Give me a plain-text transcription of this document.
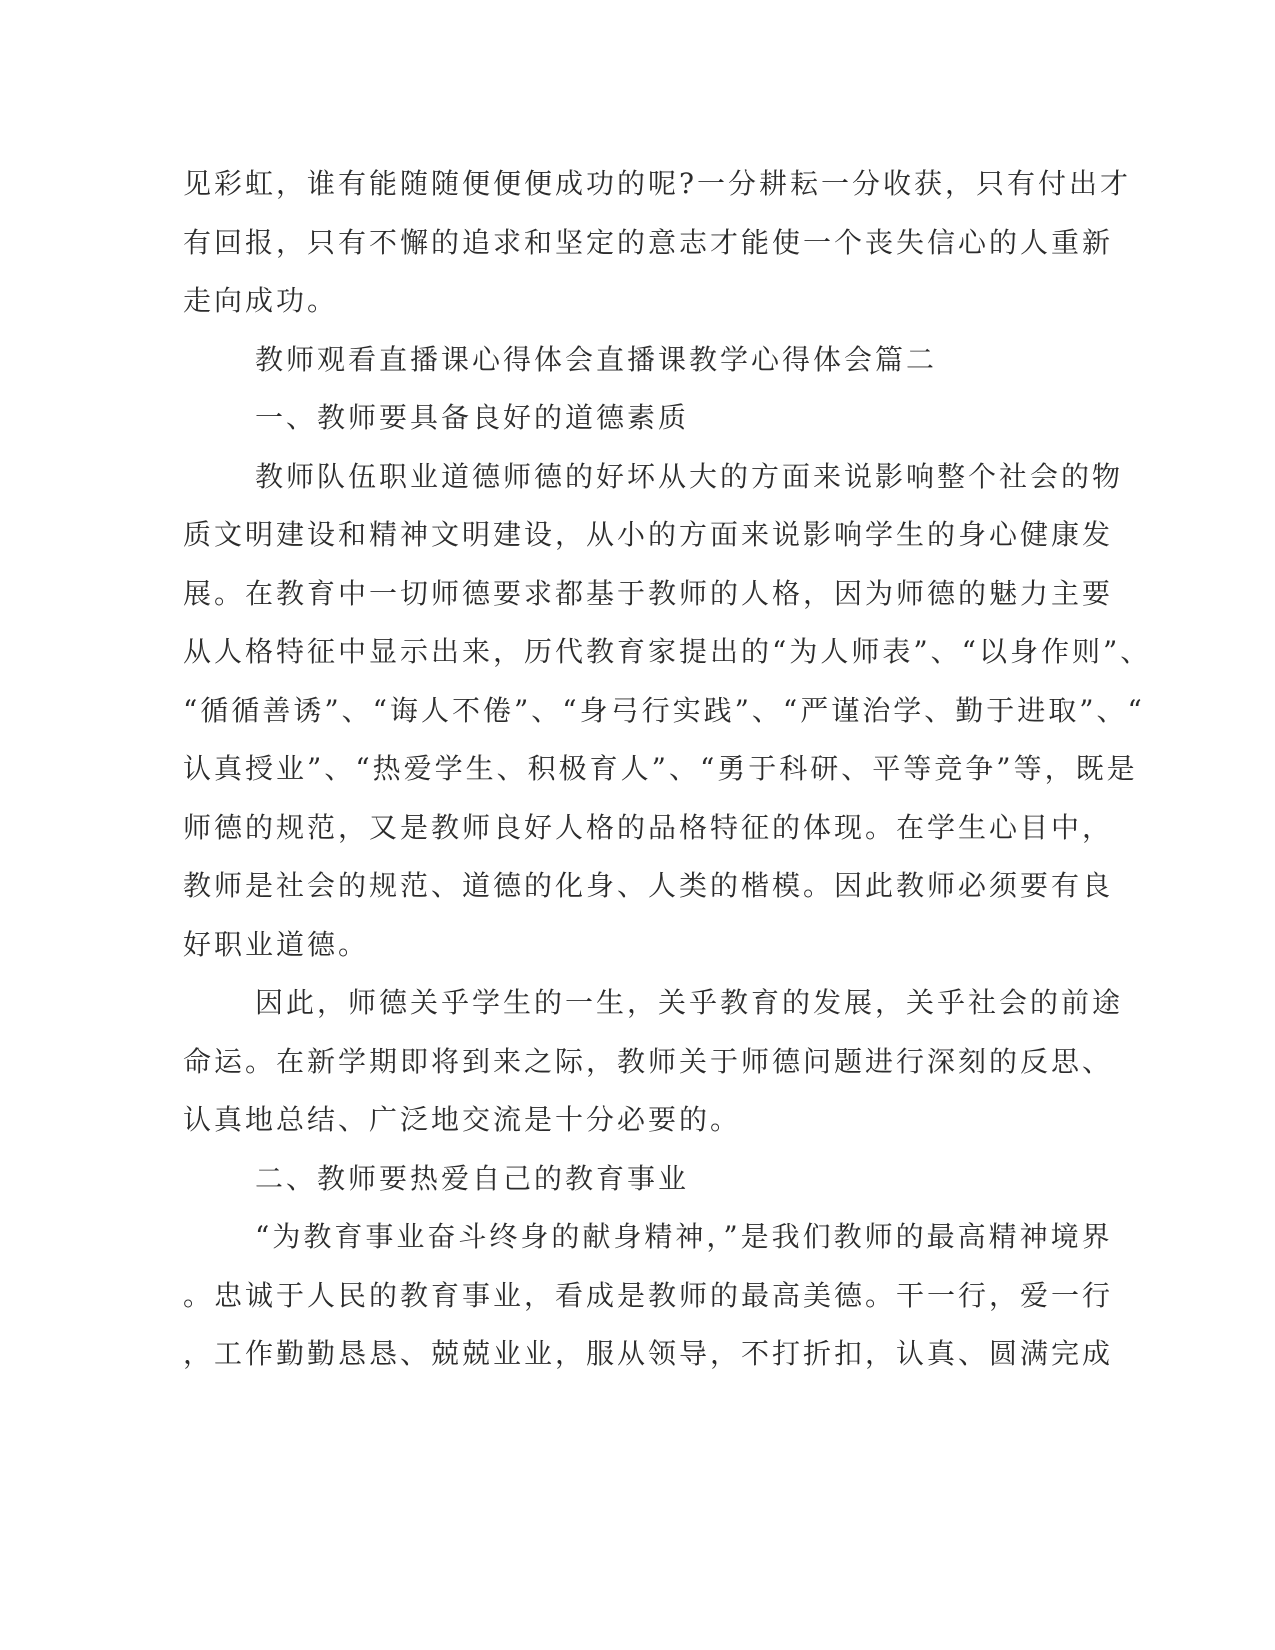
见彩虹，谁有能随随便便便成功的呢?一分耕耘一分收获，只有付出才
有回报，只有不懈的追求和坚定的意志才能使一个丧失信心的人重新
走向成功。
教师观看直播课心得体会直播课教学心得体会篇二
一、教师要具备良好的道德素质
教师队伍职业道德师德的好坏从大的方面来说影响整个社会的物
质文明建设和精神文明建设，从小的方面来说影响学生的身心健康发
展。在教育中一切师德要求都基于教师的人格，因为师德的魅力主要
从人格特征中显示出来，历代教育家提出的“为人师表”、“以身作则”、
“循循善诱”、“诲人不倦”、“身弓行实践”、“严谨治学、勤于进取”、“
认真授业”、“热爱学生、积极育人”、“勇于科研、平等竞争”等，既是
师德的规范，又是教师良好人格的品格特征的体现。在学生心目中，
教师是社会的规范、道德的化身、人类的楷模。因此教师必须要有良
好职业道德。
因此，师德关乎学生的一生，关乎教育的发展，关乎社会的前途
命运。在新学期即将到来之际，教师关于师德问题进行深刻的反思、
认真地总结、广泛地交流是十分必要的。
二、教师要热爱自己的教育事业
“为教育事业奋斗终身的献身精神，”是我们教师的最高精神境界
。忠诚于人民的教育事业，看成是教师的最高美德。干一行，爱一行
，工作勤勤恳恳、兢兢业业，服从领导，不打折扣，认真、圆满完成
